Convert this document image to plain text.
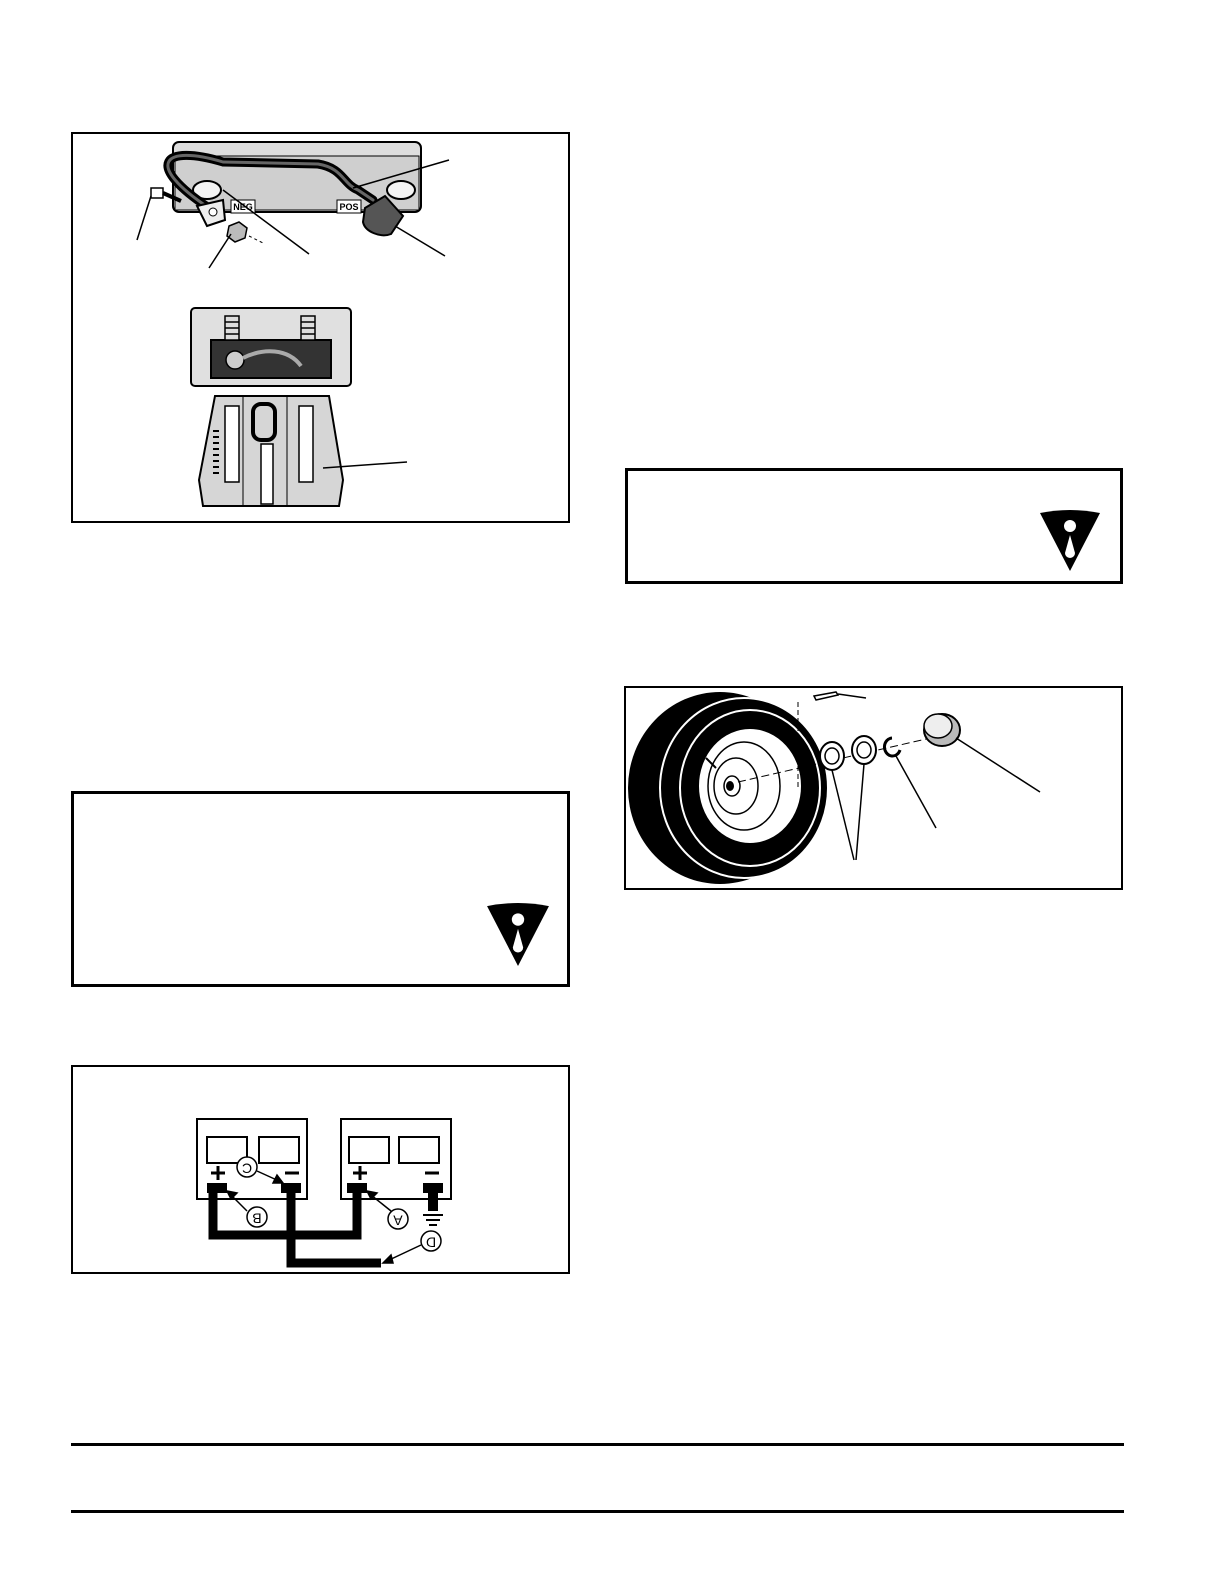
NEG	POS
C
B	A
D
